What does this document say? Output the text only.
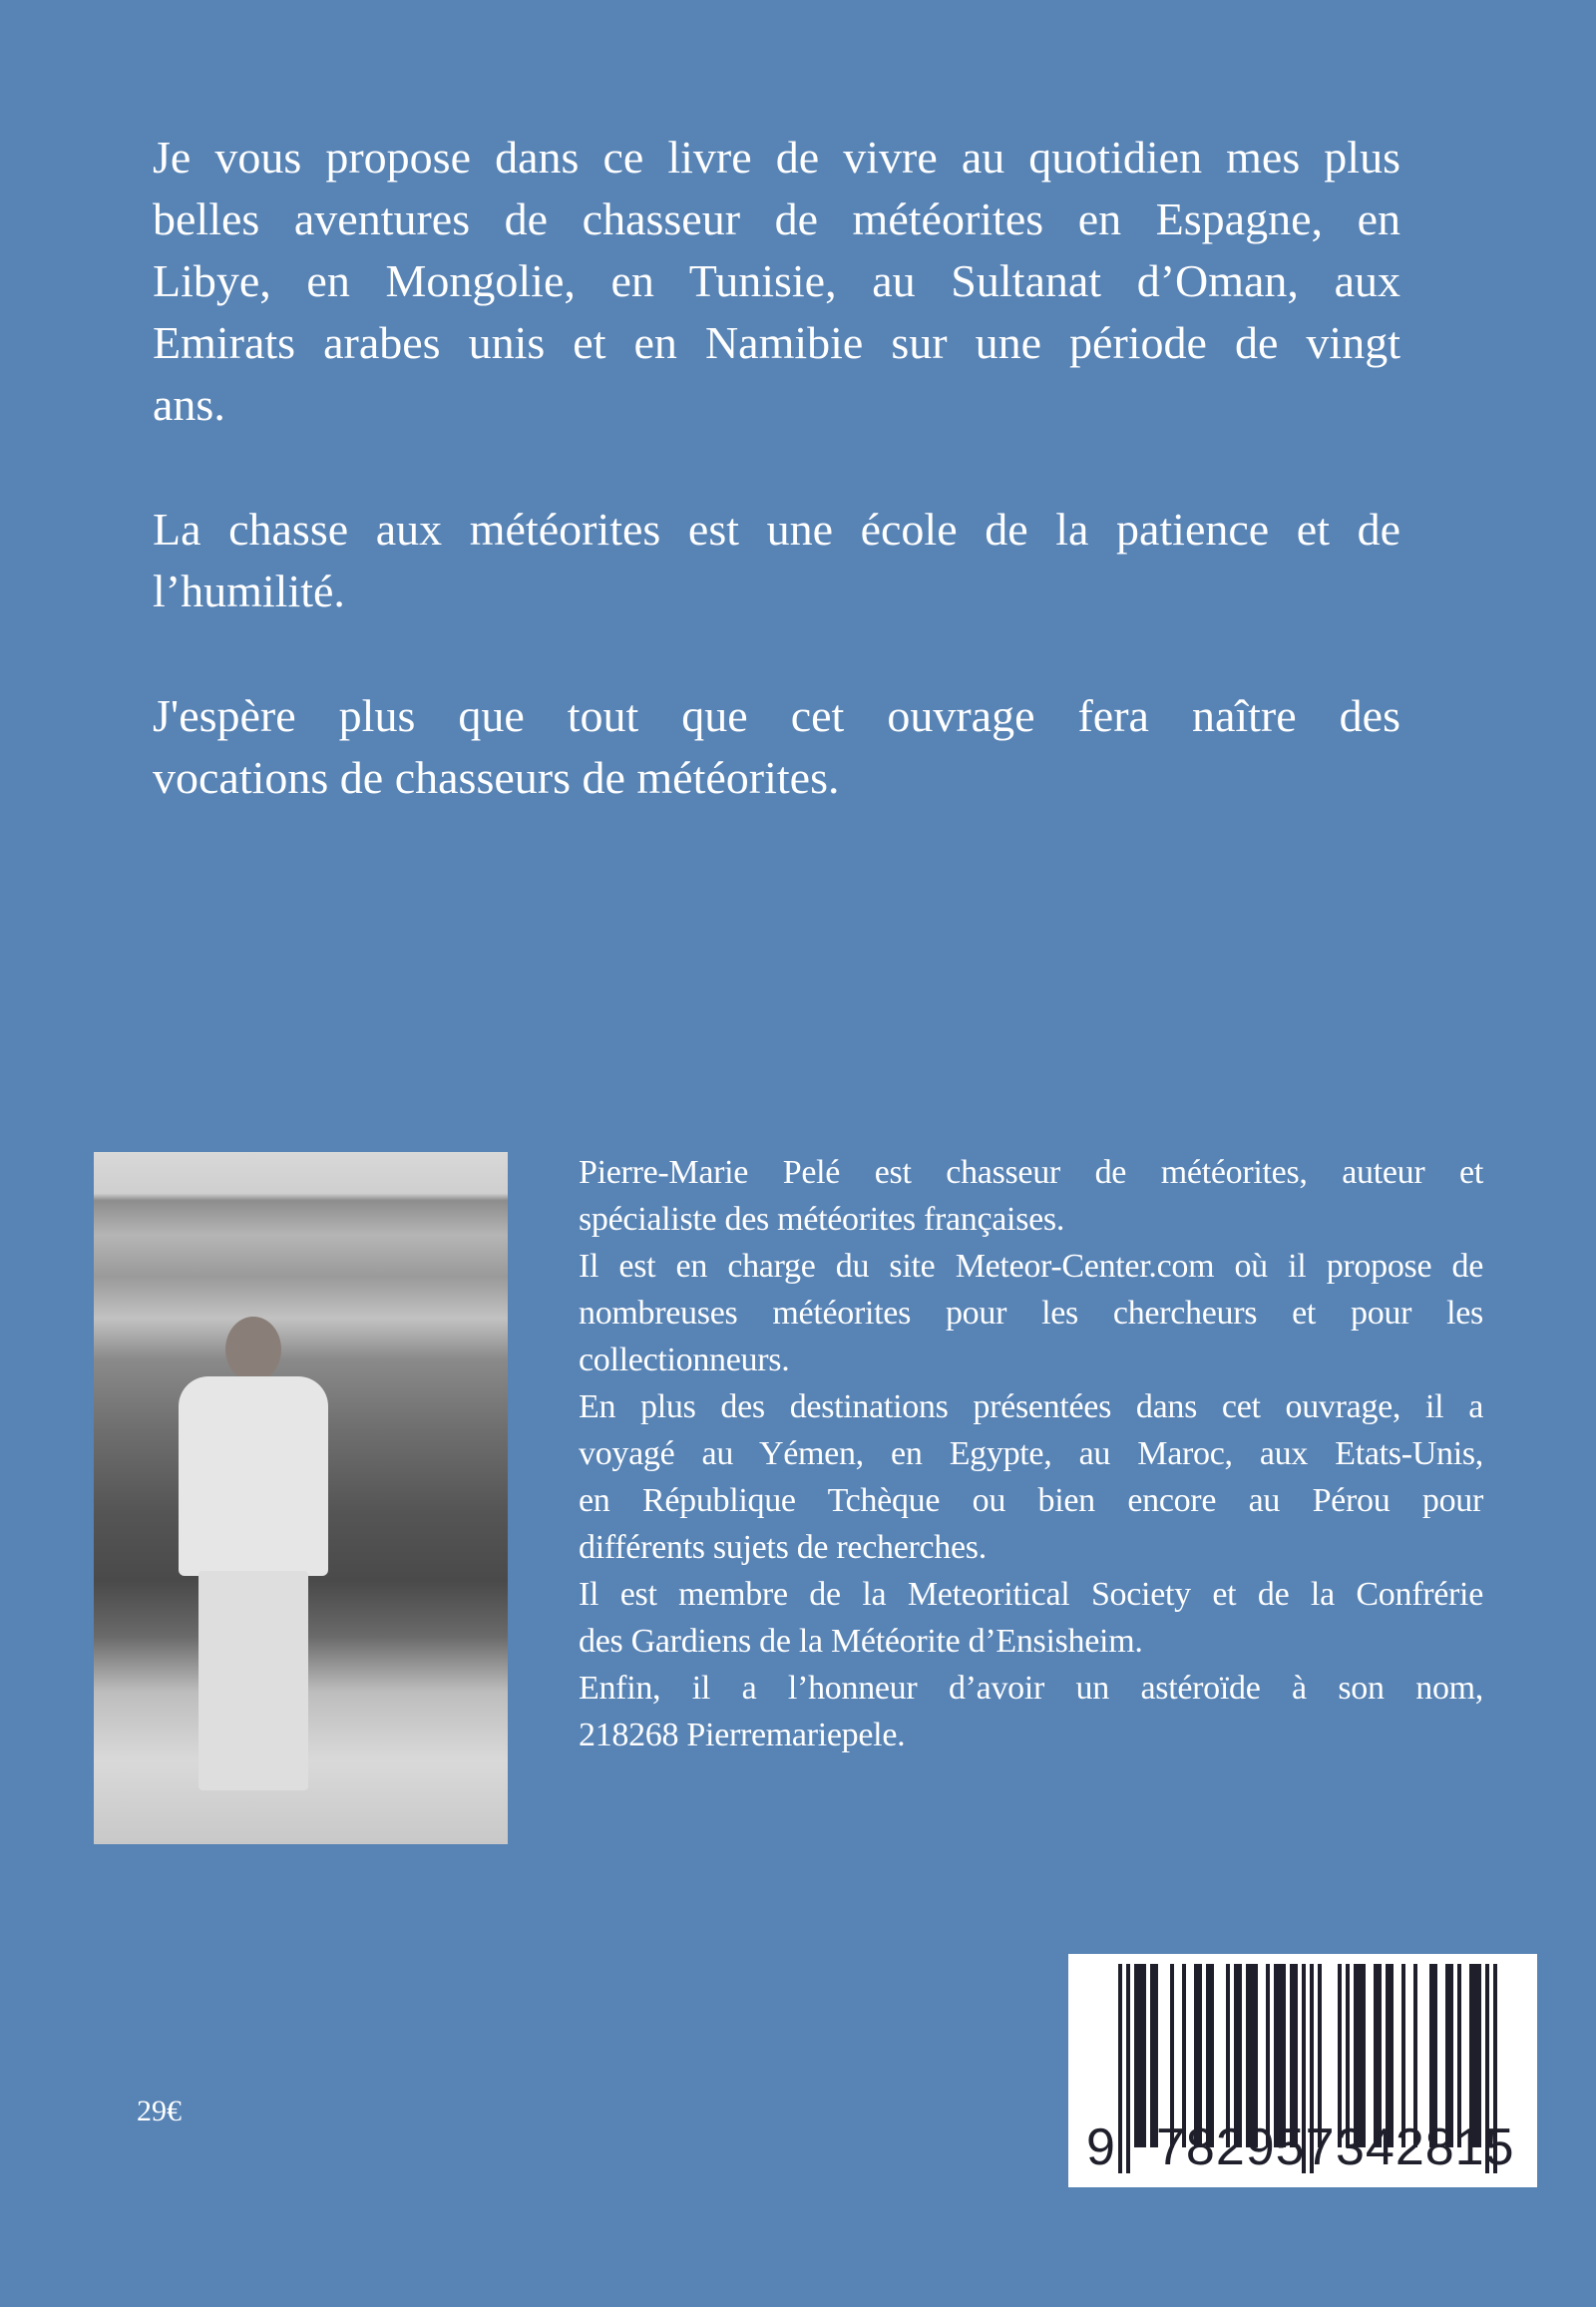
Je vous propose dans ce livre de vivre au quotidien mes plus
belles aventures de chasseur de météorites en Espagne, en
Libye, en Mongolie, en Tunisie, au Sultanat d’Oman, aux
Emirats arabes unis et en Namibie sur une période de vingt
ans.
La chasse aux météorites est une école de la patience et de
l’humilité.
J'espère plus que tout que cet ouvrage fera naître des
vocations de chasseurs de météorites.
Pierre-Marie Pelé est chasseur de météorites, auteur et
spécialiste des météorites françaises.
Il est en charge du site Meteor-Center.com où il propose de
nombreuses météorites pour les chercheurs et pour les
collectionneurs.
En plus des destinations présentées dans cet ouvrage, il a
voyagé au Yémen, en Egypte, au Maroc, aux Etats-Unis,
en République Tchèque ou bien encore au Pérou pour
différents sujets de recherches.
Il est membre de la Meteoritical Society et de la Confrérie
des Gardiens de la Météorite d’Ensisheim.
Enfin, il a l’honneur d’avoir un astéroïde à son nom,
218268 Pierremariepele.
29€
9 782957 342815
